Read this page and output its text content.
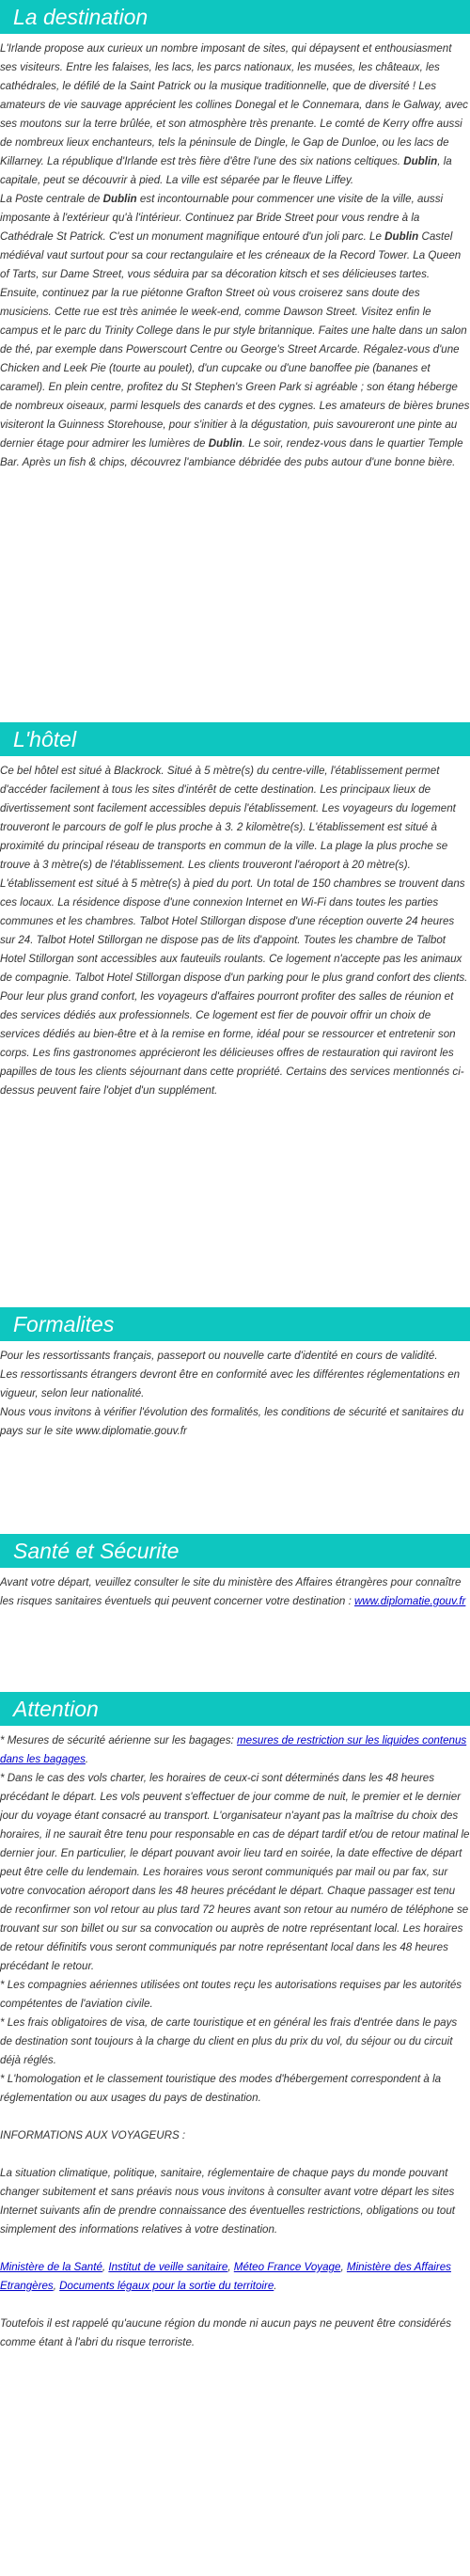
La destination

L'Irlande propose aux curieux un nombre imposant de sites, qui dépaysent et enthousiasment ses visiteurs. Entre les falaises, les lacs, les parcs nationaux, les musées, les châteaux, les cathédrales, le défilé de la Saint Patrick ou la musique traditionnelle, que de diversité ! Les amateurs de vie sauvage apprécient les collines Donegal et le Connemara, dans le Galway, avec ses moutons sur la terre brûlée, et son atmosphère très prenante. Le comté de Kerry offre aussi de nombreux lieux enchanteurs, tels la péninsule de Dingle, le Gap de Dunloe, ou les lacs de Killarney. La république d'Irlande est très fière d'être l'une des six nations celtiques. Dublin, la capitale, peut se découvrir à pied. La ville est séparée par le fleuve Liffey.

La Poste centrale de Dublin est incontournable pour commencer une visite de la ville, aussi imposante à l'extérieur qu'à l'intérieur. Continuez par Bride Street pour vous rendre à la Cathédrale St Patrick. C'est un monument magnifique entouré d'un joli parc. Le Dublin Castel médiéval vaut surtout pour sa cour rectangulaire et les créneaux de la Record Tower. La Queen of Tarts, sur Dame Street, vous séduira par sa décoration kitsch et ses délicieuses tartes. Ensuite, continuez par la rue piétonne Grafton Street où vous croiserez sans doute des musiciens. Cette rue est très animée le week-end, comme Dawson Street. Visitez enfin le campus et le parc du Trinity College dans le pur style britannique. Faites une halte dans un salon de thé, par exemple dans Powerscourt Centre ou George's Street Arcarde. Régalez-vous d'une Chicken and Leek Pie (tourte au poulet), d'un cupcake ou d'une banoffee pie (bananes et caramel). En plein centre, profitez du St Stephen's Green Park si agréable ; son étang héberge de nombreux oiseaux, parmi lesquels des canards et des cygnes. Les amateurs de bières brunes visiteront la Guinness Storehouse, pour s'initier à la dégustation, puis savoureront une pinte au dernier étage pour admirer les lumières de Dublin. Le soir, rendez-vous dans le quartier Temple Bar. Après un fish & chips, découvrez l'ambiance débridée des pubs autour d'une bonne bière.

L'hôtel

Ce bel hôtel est situé à Blackrock. Situé à 5 mètre(s) du centre-ville, l'établissement permet d'accéder facilement à tous les sites d'intérêt de cette destination. Les principaux lieux de divertissement sont facilement accessibles depuis l'établissement. Les voyageurs du logement trouveront le parcours de golf le plus proche à 3. 2 kilomètre(s). L'établissement est situé à proximité du principal réseau de transports en commun de la ville. La plage la plus proche se trouve à 3 mètre(s) de l'établissement. Les clients trouveront l'aéroport à 20 mètre(s). L'établissement est situé à 5 mètre(s) à pied du port. Un total de 150 chambres se trouvent dans ces locaux. La résidence dispose d'une connexion Internet en Wi-Fi dans toutes les parties communes et les chambres. Talbot Hotel Stillorgan dispose d'une réception ouverte 24 heures sur 24. Talbot Hotel Stillorgan ne dispose pas de lits d'appoint. Toutes les chambre de Talbot Hotel Stillorgan sont accessibles aux fauteuils roulants. Ce logement n'accepte pas les animaux de compagnie. Talbot Hotel Stillorgan dispose d'un parking pour le plus grand confort des clients. Pour leur plus grand confort, les voyageurs d'affaires pourront profiter des salles de réunion et des services dédiés aux professionnels. Ce logement est fier de pouvoir offrir un choix de services dédiés au bien-être et à la remise en forme, idéal pour se ressourcer et entretenir son corps. Les fins gastronomes apprécieront les délicieuses offres de restauration qui raviront les papilles de tous les clients séjournant dans cette propriété. Certains des services mentionnés ci-dessus peuvent faire l'objet d'un supplément.

Formalites

Pour les ressortissants français, passeport ou nouvelle carte d'identité en cours de validité.

Les ressortissants étrangers devront être en conformité avec les différentes réglementations en vigueur, selon leur nationalité.

Nous vous invitons à vérifier l'évolution des formalités, les conditions de sécurité et sanitaires du pays sur le site www.diplomatie.gouv.fr

Santé et Sécurite

Avant votre départ, veuillez consulter le site du ministère des Affaires étrangères pour connaître les risques sanitaires éventuels qui peuvent concerner votre destination : www.diplomatie.gouv.fr

Attention

* Mesures de sécurité aérienne sur les bagages: mesures de restriction sur les liquides contenus dans les bagages.

* Dans le cas des vols charter, les horaires de ceux-ci sont déterminés dans les 48 heures précédant le départ. Les vols peuvent s'effectuer de jour comme de nuit, le premier et le dernier jour du voyage étant consacré au transport. L'organisateur n'ayant pas la maîtrise du choix des horaires, il ne saurait être tenu pour responsable en cas de départ tardif et/ou de retour matinal le dernier jour. En particulier, le départ pouvant avoir lieu tard en soirée, la date effective de départ peut être celle du lendemain. Les horaires vous seront communiqués par mail ou par fax, sur votre convocation aéroport dans les 48 heures précédant le départ. Chaque passager est tenu de reconfirmer son vol retour au plus tard 72 heures avant son retour au numéro de téléphone se trouvant sur son billet ou sur sa convocation ou auprès de notre représentant local. Les horaires de retour définitifs vous seront communiqués par notre représentant local dans les 48 heures précédant le retour.

* Les compagnies aériennes utilisées ont toutes reçu les autorisations requises par les autorités compétentes de l'aviation civile.

* Les frais obligatoires de visa, de carte touristique et en général les frais d'entrée dans le pays de destination sont toujours à la charge du client en plus du prix du vol, du séjour ou du circuit déjà réglés.

* L'homologation et le classement touristique des modes d'hébergement correspondent à la réglementation ou aux usages du pays de destination.

INFORMATIONS AUX VOYAGEURS :

La situation climatique, politique, sanitaire, réglementaire de chaque pays du monde pouvant changer subitement et sans préavis nous vous invitons à consulter avant votre départ les sites Internet suivants afin de prendre connaissance des éventuelles restrictions, obligations ou tout simplement des informations relatives à votre destination.

Ministère de la Santé, Institut de veille sanitaire, Méteo France Voyage, Ministère des Affaires Etrangères, Documents légaux pour la sortie du territoire.

Toutefois il est rappelé qu'aucune région du monde ni aucun pays ne peuvent être considérés comme étant à l'abri du risque terroriste.
